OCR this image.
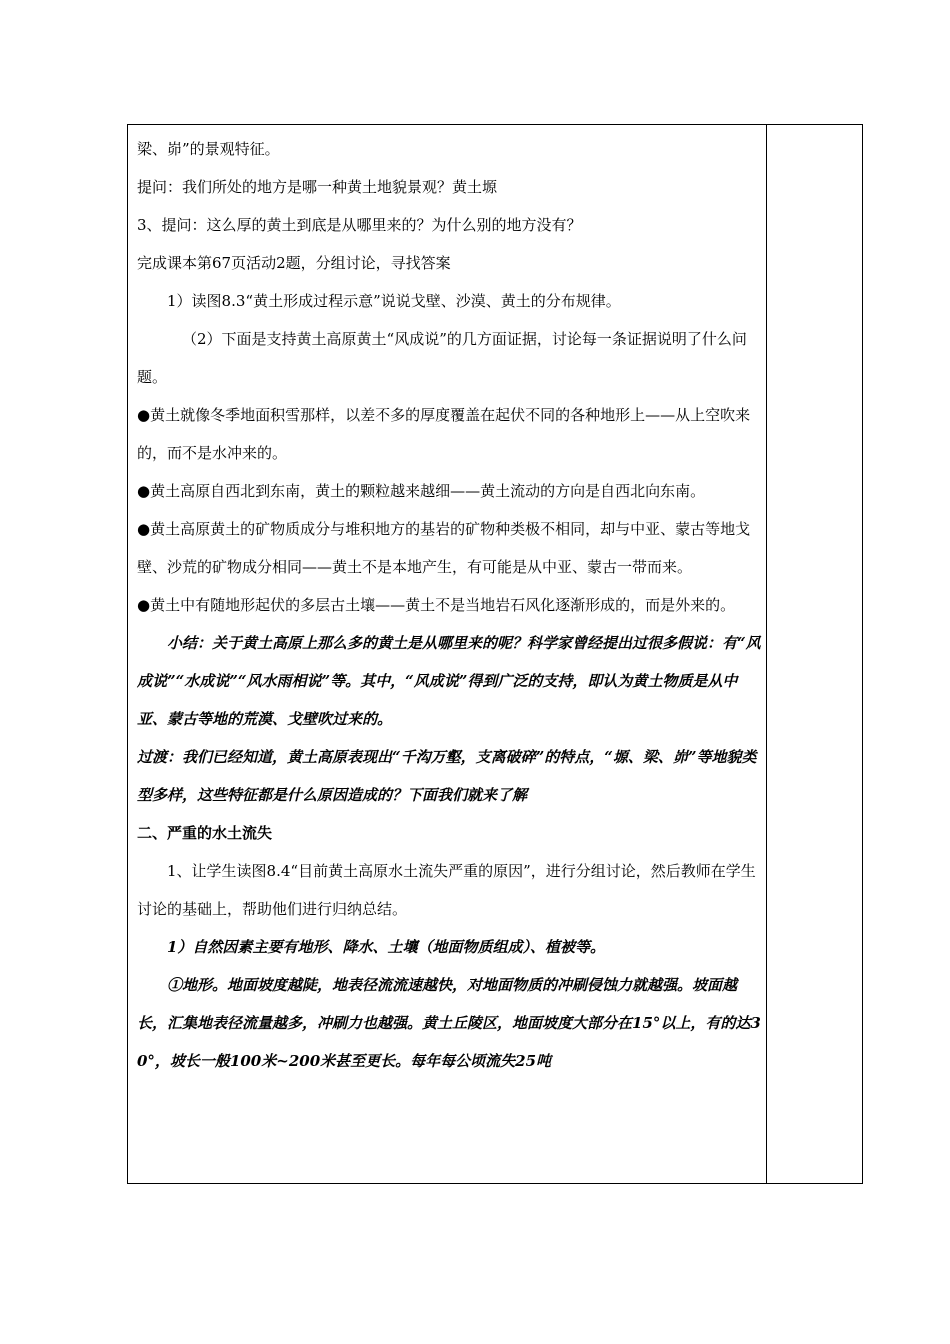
梁、峁”的景观特征。

提问：我们所处的地方是哪一种黄土地貌景观？黄土塬

3、提问：这么厚的黄土到底是从哪里来的？为什么别的地方没有？

完成课本第67页活动2题，分组讨论，寻找答案

1）读图8.3“黄土形成过程示意”说说戈壁、沙漠、黄土的分布规律。

（2）下面是支持黄土高原黄土“风成说”的几方面证据，讨论每一条证据说明了什么问题。

●黄土就像冬季地面积雪那样，以差不多的厚度覆盖在起伏不同的各种地形上——从上空吹来的，而不是水冲来的。

●黄土高原自西北到东南，黄土的颗粒越来越细——黄土流动的方向是自西北向东南。

●黄土高原黄土的矿物质成分与堆积地方的基岩的矿物种类极不相同，却与中亚、蒙古等地戈壁、沙荒的矿物成分相同——黄土不是本地产生，有可能是从中亚、蒙古一带而来。

●黄土中有随地形起伏的多层古土壤——黄土不是当地岩石风化逐渐形成的，而是外来的。

小结：关于黄土高原上那么多的黄土是从哪里来的呢？科学家曾经提出过很多假说：有“风成说”“水成说”“风水雨相说”等。其中，“风成说”得到广泛的支持，即认为黄土物质是从中亚、蒙古等地的荒漠、戈壁吹过来的。

过渡：我们已经知道，黄土高原表现出“千沟万壑，支离破碎”的特点，“塬、梁、峁”等地貌类型多样，这些特征都是什么原因造成的？下面我们就来了解

二、严重的水土流失

1、让学生读图8.4“目前黄土高原水土流失严重的原因”，进行分组讨论，然后教师在学生讨论的基础上，帮助他们进行归纳总结。

1）自然因素主要有地形、降水、土壤（地面物质组成）、植被等。

①地形。地面坡度越陡，地表径流流速越快，对地面物质的冲刷侵蚀力就越强。坡面越长，汇集地表径流量越多，冲刷力也越强。黄土丘陵区，地面坡度大部分在15°以上，有的达30°，坡长一般100米~200米甚至更长。每年每公顷流失25吨
